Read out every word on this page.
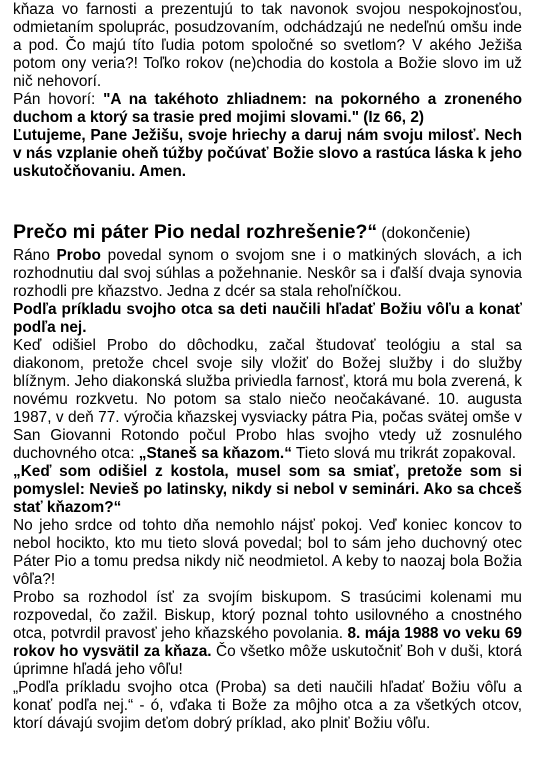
kňaza vo farnosti a prezentujú to tak navonok svojou nespokojnosťou, odmietaním spoluprác, posudzovaním, odchádzajú ne nedeľnú omšu inde a pod. Čo majú títo ľudia potom spoločné so svetlom? V akého Ježiša potom ony veria?! Toľko rokov (ne)chodia do kostola a Božie slovo im už nič nehovorí.

Pán hovorí: "A na takéhoto zhliadnem: na pokorného a zroneného duchom a ktorý sa trasie pred mojimi slovami." (Iz 66, 2)

Ľutujeme, Pane Ježišu, svoje hriechy a daruj nám svoju milosť. Nech v nás vzplanie oheň túžby počúvať Božie slovo a rastúca láska k jeho uskutočňovaniu. Amen.

Prečo mi páter Pio nedal rozhrešenie?“ (dokončenie)

Ráno Probo povedal synom o svojom sne i o matkiných slovách, a ich rozhodnutiu dal svoj súhlas a požehnanie. Neskôr sa i ďalší dvaja synovia rozhodli pre kňazstvo. Jedna z dcér sa stala rehoľníčkou.

Podľa príkladu svojho otca sa deti naučili hľadať Božiu vôľu a konať podľa nej.

Keď odišiel Probo do dôchodku, začal študovať teológiu a stal sa diakonom, pretože chcel svoje sily vložiť do Božej služby i do služby blížnym. Jeho diakonská služba priviedla farnosť, ktorá mu bola zverená, k novému rozkvetu. No potom sa stalo niečo neočakávané. 10. augusta 1987, v deň 77. výročia kňazskej vysviacky pátra Pia, počas svätej omše v San Giovanni Rotondo počul Probo hlas svojho vtedy už zosnulého duchovného otca: „Staneš sa kňazom.“ Tieto slová mu trikrát zopakoval.

„Keď som odišiel z kostola, musel som sa smiať, pretože som si pomyslel: Nevieš po latinsky, nikdy si nebol v seminári. Ako sa chceš stať kňazom?“

No jeho srdce od tohto dňa nemohlo nájsť pokoj. Veď koniec koncov to nebol hocikto, kto mu tieto slová povedal; bol to sám jeho duchovný otec Páter Pio a tomu predsa nikdy nič neodmietol. A keby to naozaj bola Božia vôľa?!

Probo sa rozhodol ísť za svojím biskupom. S trasúcimi kolenami mu rozpovedal, čo zažil. Biskup, ktorý poznal tohto usilovného a cnostného otca, potvrdil pravosť jeho kňazského povolania. 8. mája 1988 vo veku 69 rokov ho vysvätil za kňaza. Čo všetko môže uskutočniť Boh v duši, ktorá úprimne hľadá jeho vôľu!

„Podľa príkladu svojho otca (Proba) sa deti naučili hľadať Božiu vôľu a konať podľa nej.“ - ó, vďaka ti Bože za môjho otca a za všetkých otcov, ktorí dávajú svojim deťom dobrý príklad, ako plniť Božiu vôľu.
